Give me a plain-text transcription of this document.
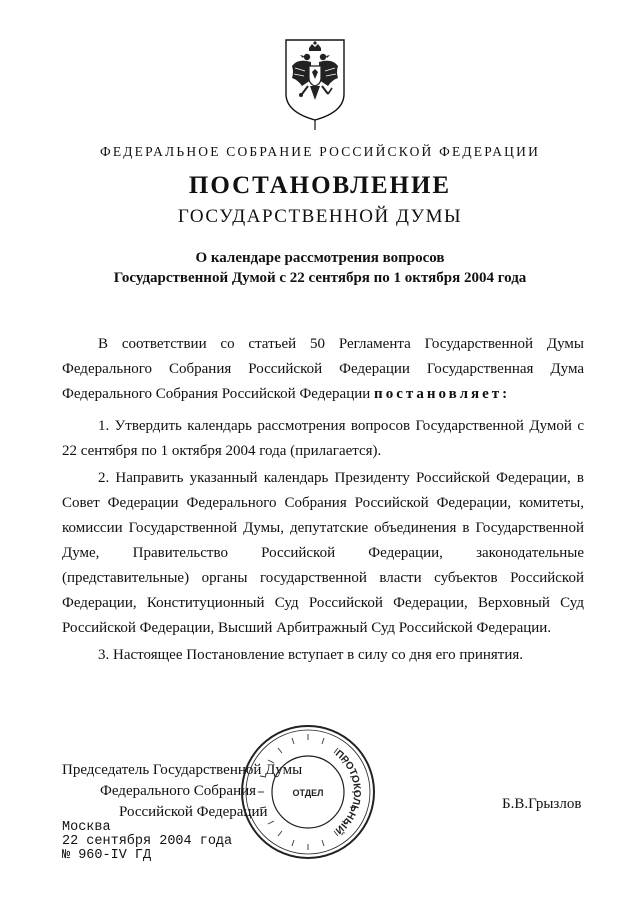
ФЕДЕРАЛЬНОЕ СОБРАНИЕ РОССИЙСКОЙ ФЕДЕРАЦИИ
ПОСТАНОВЛЕНИЕ
ГОСУДАРСТВЕННОЙ ДУМЫ
О календаре рассмотрения вопросов
Государственной Думой с 22 сентября по 1 октября 2004 года

В соответствии со статьей 50 Регламента Государственной Думы Федерального Собрания Российской Федерации Государственная Дума Федерального Собрания Российской Федерации постановляет:

1. Утвердить календарь рассмотрения вопросов Государственной Думой с 22 сентября по 1 октября 2004 года (прилагается).

2. Направить указанный календарь Президенту Российской Федерации, в Совет Федерации Федерального Собрания Российской Федерации, комитеты, комиссии Государственной Думы, депутатские объединения в Государственной Думе, Правительство Российской Федерации, законодательные (представительные) органы государственной власти субъектов Российской Федерации, Конституционный Суд Российской Федерации, Верховный Суд Российской Федерации, Высший Арбитражный Суд Российской Федерации.

3. Настоящее Постановление вступает в силу со дня его принятия.

Председатель Государственной Думы
Федерального Собрания
Российской Федерации	Б.В.Грызлов
Москва
22 сентября 2004 года
№ 960-IV ГД
ПРОТОКОЛЬНЫЙ
ОТДЕЛ
